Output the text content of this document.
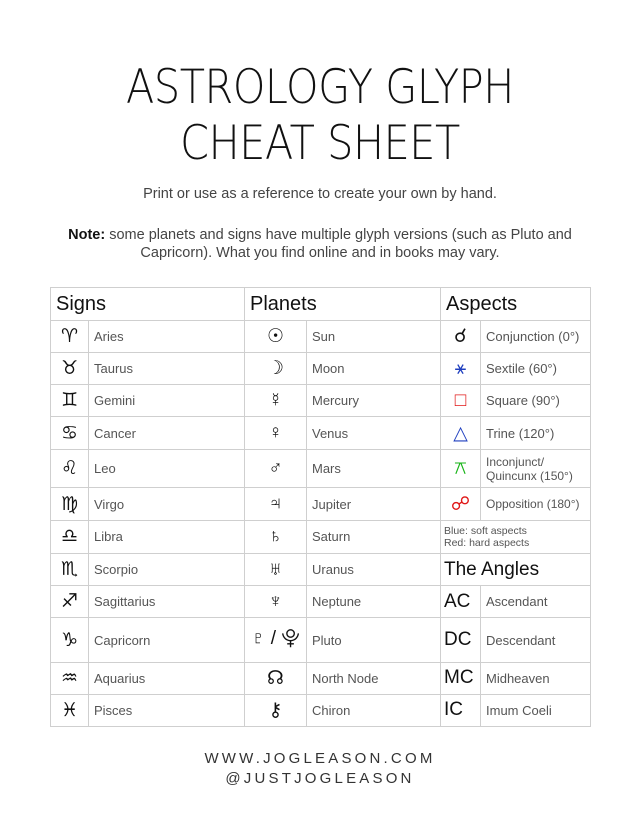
ASTROLOGY GLYPH
CHEAT SHEET
Print or use as a reference to create your own by hand.
Note: some planets and signs have multiple glyph versions (such as Pluto and Capricorn). What you find online and in books may vary.
Signs		Planets		Aspects	
♈	Aries	☉	Sun	☌	Conjunction (0°)
♉	Taurus	☽	Moon	⚹	Sextile (60°)
♊	Gemini	☿	Mercury	□	Square (90°)
♋	Cancer	♀	Venus	△	Trine (120°)
♌	Leo	♂	Mars	⚻	Inconjunct/ Quincunx (150°)
♍	Virgo	♃	Jupiter	☍	Opposition (180°)
♎	Libra	♄	Saturn	Blue: soft aspects
Red: hard aspects	

♏	Scorpio	♅	Uranus	The Angles	
♐	Sagittarius	♆	Neptune	AC	Ascendant
♑	Capricorn	♇ / ⯓	Pluto	DC	Descendant
♒	Aquarius	☊	North Node	MC	Midheaven
♓	Pisces	⚷	Chiron	IC	Imum Coeli
WWW.JOGLEASON.COM
@JUSTJOGLEASON
